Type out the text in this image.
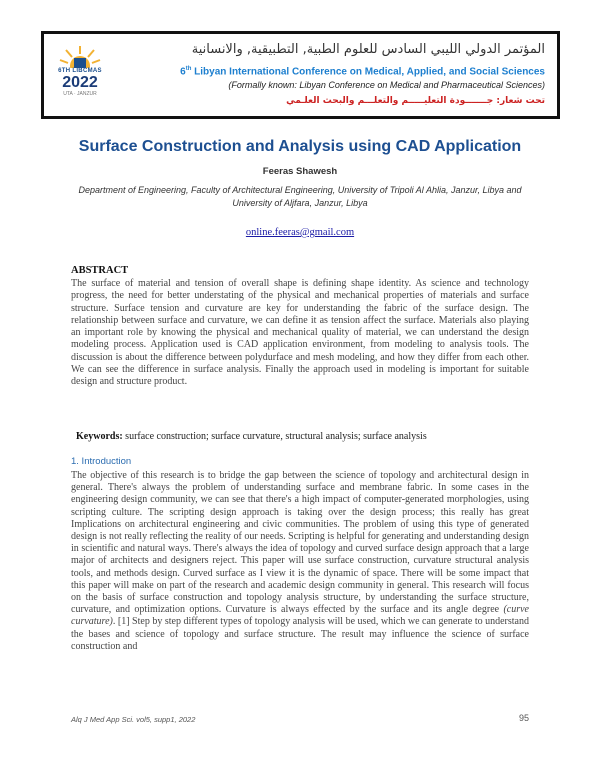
6TH LIBCMAS
2022
UTA · JANZUR
المؤتمر الدولي الليبي السادس للعلوم الطبية, التطبيقية, والانسانية
6th Libyan International Conference on Medical, Applied, and Social Sciences
(Formally known: Libyan Conference on Medical and Pharmaceutical Sciences)
تحت شعار: جـــــــودة التعليـــــم والتعلـــم والبحث العلـمي
Surface Construction and Analysis using CAD Application
Feeras Shawesh
Department of Engineering, Faculty of Architectural Engineering, University of Tripoli Al Ahlia, Janzur, Libya and University of Aljfara, Janzur, Libya
online.feeras@gmail.com
ABSTRACT
The surface of material and tension of overall shape is defining shape identity. As science and technology progress, the need for better understating of the physical and mechanical properties of materials and surface structure. Surface tension and curvature are key for understanding the fabric of the surface design. The relationship between surface and curvature, we can define it as tension affect the surface. Materials also playing an important role by knowing the physical and mechanical quality of material, we can understand the design modeling process. Application used is CAD application environment, from modeling to analysis tools. The discussion is about the difference between polydurface and mesh modeling, and how they differ from each other. We can see the difference in surface analysis. Finally the approach used in modeling is important for suitable design and structure product.
Keywords: surface construction; surface curvature, structural analysis; surface analysis
1. Introduction
The objective of this research is to bridge the gap between the science of topology and architectural design in general. There's always the problem of understanding surface and membrane fabric. In some cases in the engineering design community, we can see that there's a high impact of computer-generated morphologies, using scripting culture. The scripting design approach is taking over the design process; this really has great Implications on architectural engineering and civic communities. The problem of using this type of generated design is not really reflecting the reality of our needs. Scripting is helpful for generating and understanding design in scientific and natural ways. There's always the idea of topology and curved surface design approach that a large major of architects and designers reject. This paper will use surface construction, curvature structural analysis tools, and methods design. Curved surface as I view it is the dynamic of space. There will be some impact that this paper will make on part of the research and academic design community in general. This research will focus on the basis of surface construction and topology analysis structure, by understanding the surface structure, curvature, and optimization options. Curvature is always effected by the surface and its angle degree (curve curvature). [1] Step by step different types of topology analysis will be used, which we can generate to understand the bases and science of topology and surface structure. The result may influence the science of surface construction and
Alq J Med App Sci. vol5, supp1, 2022	95
